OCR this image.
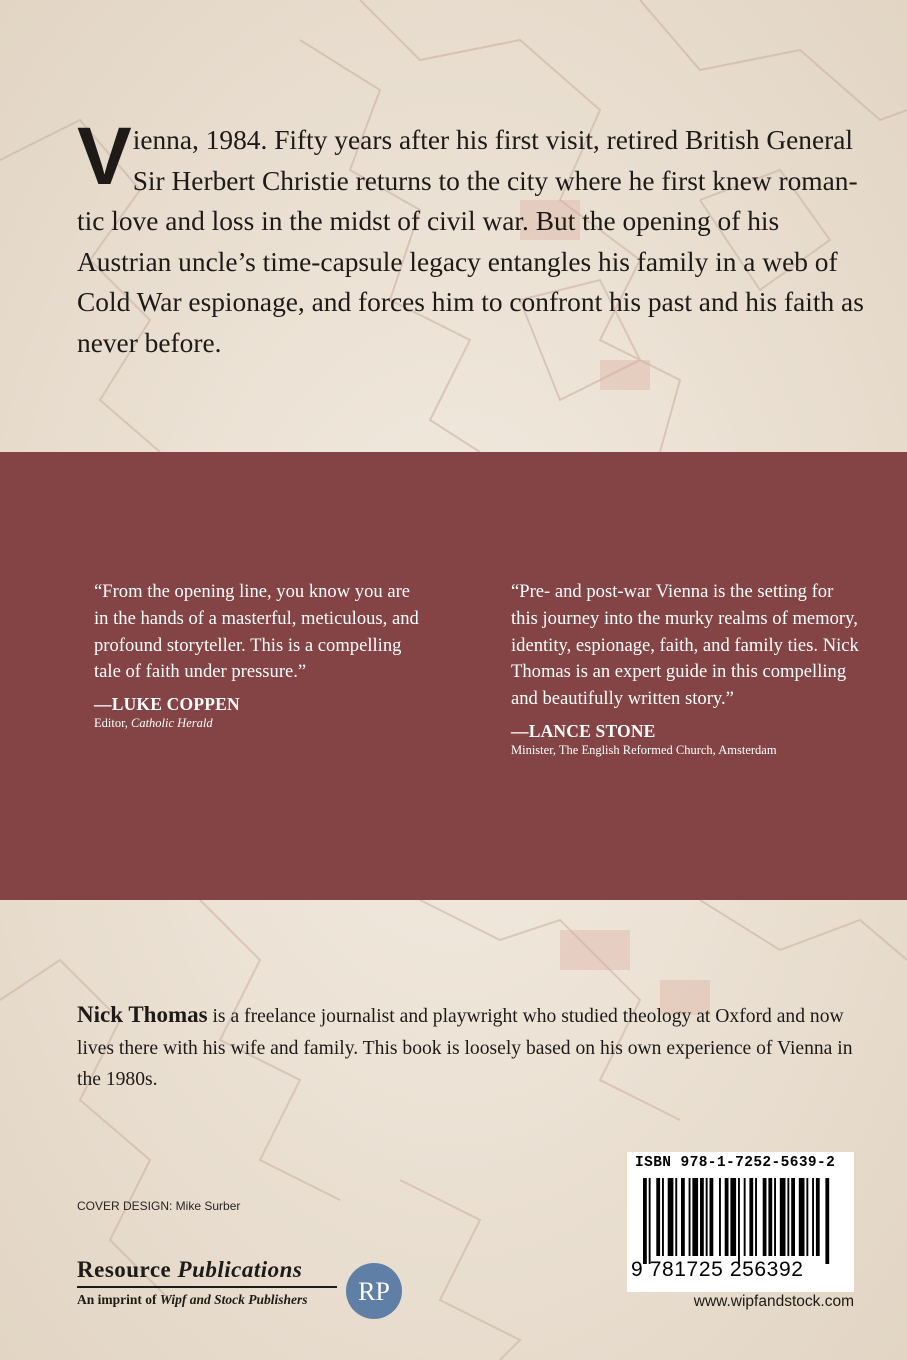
Vienna, 1984. Fifty years after his first visit, retired British General Sir Herbert Christie returns to the city where he first knew romantic love and loss in the midst of civil war. But the opening of his Austrian uncle’s time-capsule legacy entangles his family in a web of Cold War espionage, and forces him to confront his past and his faith as never before.

“From the opening line, you know you are in the hands of a masterful, meticulous, and profound storyteller. This is a compelling tale of faith under pressure.”

—LUKE COPPEN
Editor, Catholic Herald

“Pre- and post-war Vienna is the setting for this journey into the murky realms of memory, identity, espionage, faith, and family ties. Nick Thomas is an expert guide in this compelling and beautifully written story.”

—LANCE STONE
Minister, The English Reformed Church, Amsterdam

Nick Thomas is a freelance journalist and playwright who studied theology at Oxford and now lives there with his wife and family. This book is loosely based on his own experience of Vienna in the 1980s.

COVER DESIGN: Mike Surber
Resource Publications
An imprint of Wipf and Stock Publishers	RP
ISBN 978-1-7252-5639-2
9 781725 256392
www.wipfandstock.com
